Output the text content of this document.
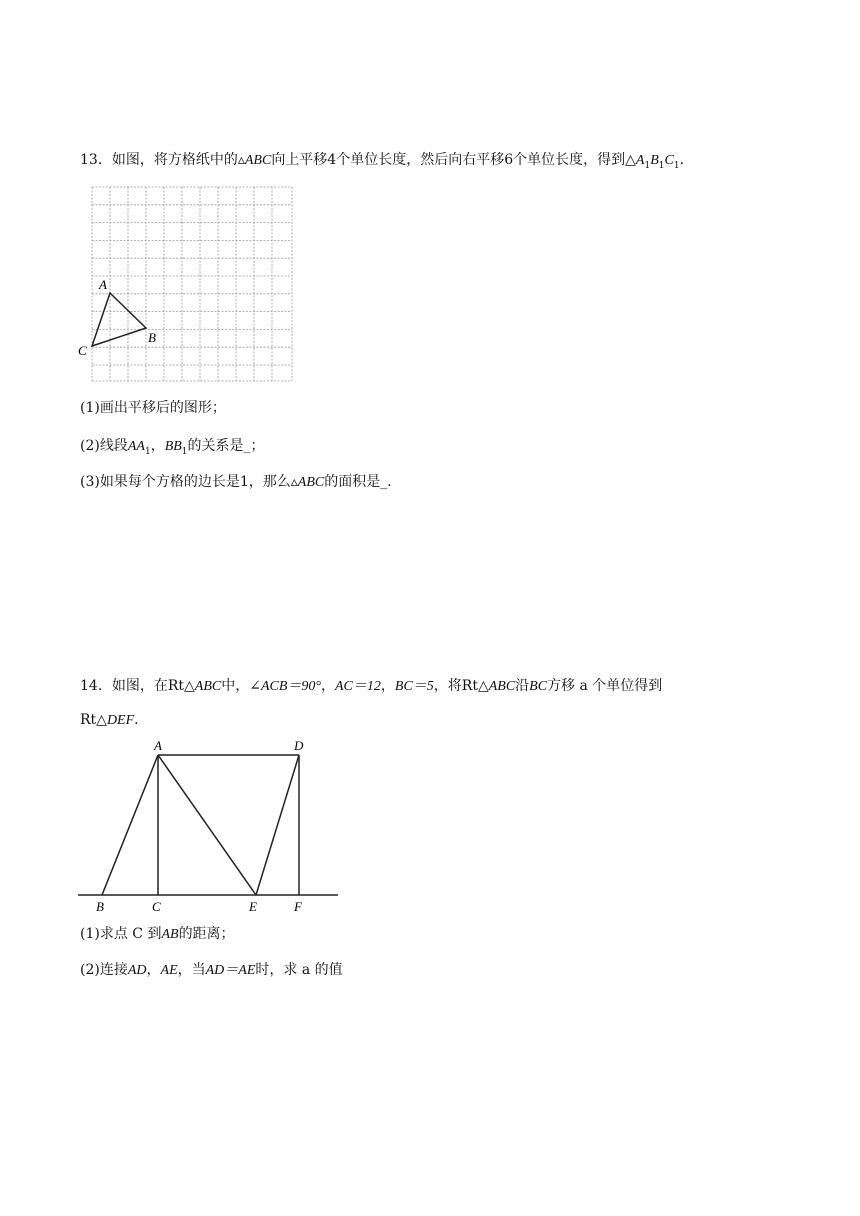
13．如图，将方格纸中的▵ABC向上平移4个单位长度，然后向右平移6个单位长度，得到$\triangle A_1B_1C_1$．
A
B
C
(1)画出平移后的图形；
(2)线段$AA_1$，$BB_1$的关系是_；
(3)如果每个方格的边长是1，那么▵ABC的面积是_．
14．如图，在Rt△ABC中，∠ACB＝90°，AC＝12，BC＝5，将Rt△ABC沿BC方移 a 个单位得到
Rt△DEF．
A	D
B	C	E	F
(1)求点 C 到AB的距离；
(2)连接AD，AE，当AD＝AE时，求 a 的值
